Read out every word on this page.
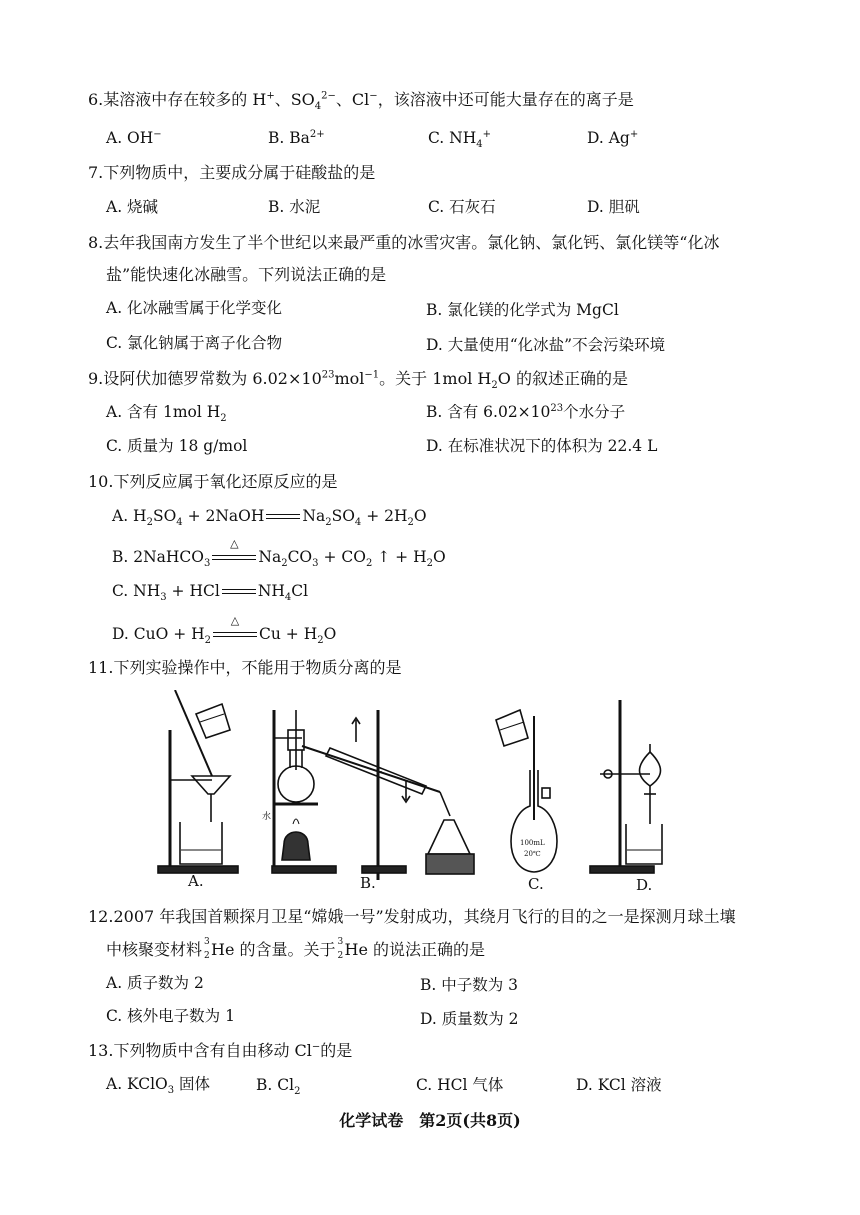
6.某溶液中存在较多的 H+、$SO_4^{2-}$、Cl−，该溶液中还可能大量存在的离子是
A. OH−	B. $Ba^{2+}$	C. $NH_4^+$	D. Ag+
7.下列物质中，主要成分属于硅酸盐的是
A. 烧碱	B. 水泥	C. 石灰石	D. 胆矾
8.去年我国南方发生了半个世纪以来最严重的冰雪灾害。氯化钠、氯化钙、氯化镁等“化冰
盐”能快速化冰融雪。下列说法正确的是
A. 化冰融雪属于化学变化	B. 氯化镁的化学式为 MgCl
C. 氯化钠属于离子化合物	D. 大量使用“化冰盐”不会污染环境
9.设阿伏加德罗常数为 $6.02\times 10^{23}mol^{-1}$。关于 1mol $H_2O$ 的叙述正确的是
A. 含有 1mol $H_2$	B. 含有 $6.02\times 10^{23}$个水分子
C. 质量为 18 g/mol	D. 在标准状况下的体积为 22.4 L
10.下列反应属于氧化还原反应的是
A. $H_2SO_4$ + 2NaOH $Na_2SO_4 + 2H_2O$
B. 2NaHCO$_3$
△
$Na_2CO_3 + CO_2$ ↑ + $H_2O$
C. $NH_3$ + HCl $NH_4Cl$
D. CuO + $H_2$
△
$Cu + H_2O$
11.下列实验操作中，不能用于物质分离的是
水
100mL
20℃
A.	B.	C.	D.
12.2007 年我国首颗探月卫星“嫦娥一号”发射成功，其绕月飞行的目的之一是探测月球土壤
中核聚变材料 3
2 He 的含量。关于 3
2 He 的说法正确的是
A. 质子数为 2	B. 中子数为 3
C. 核外电子数为 1	D. 质量数为 2
13.下列物质中含有自由移动 Cl−的是
A. KClO$_3$ 固体	B. $Cl_2$	C. HCl 气体	D. KCl 溶液
化学试卷　第2页(共8页)
